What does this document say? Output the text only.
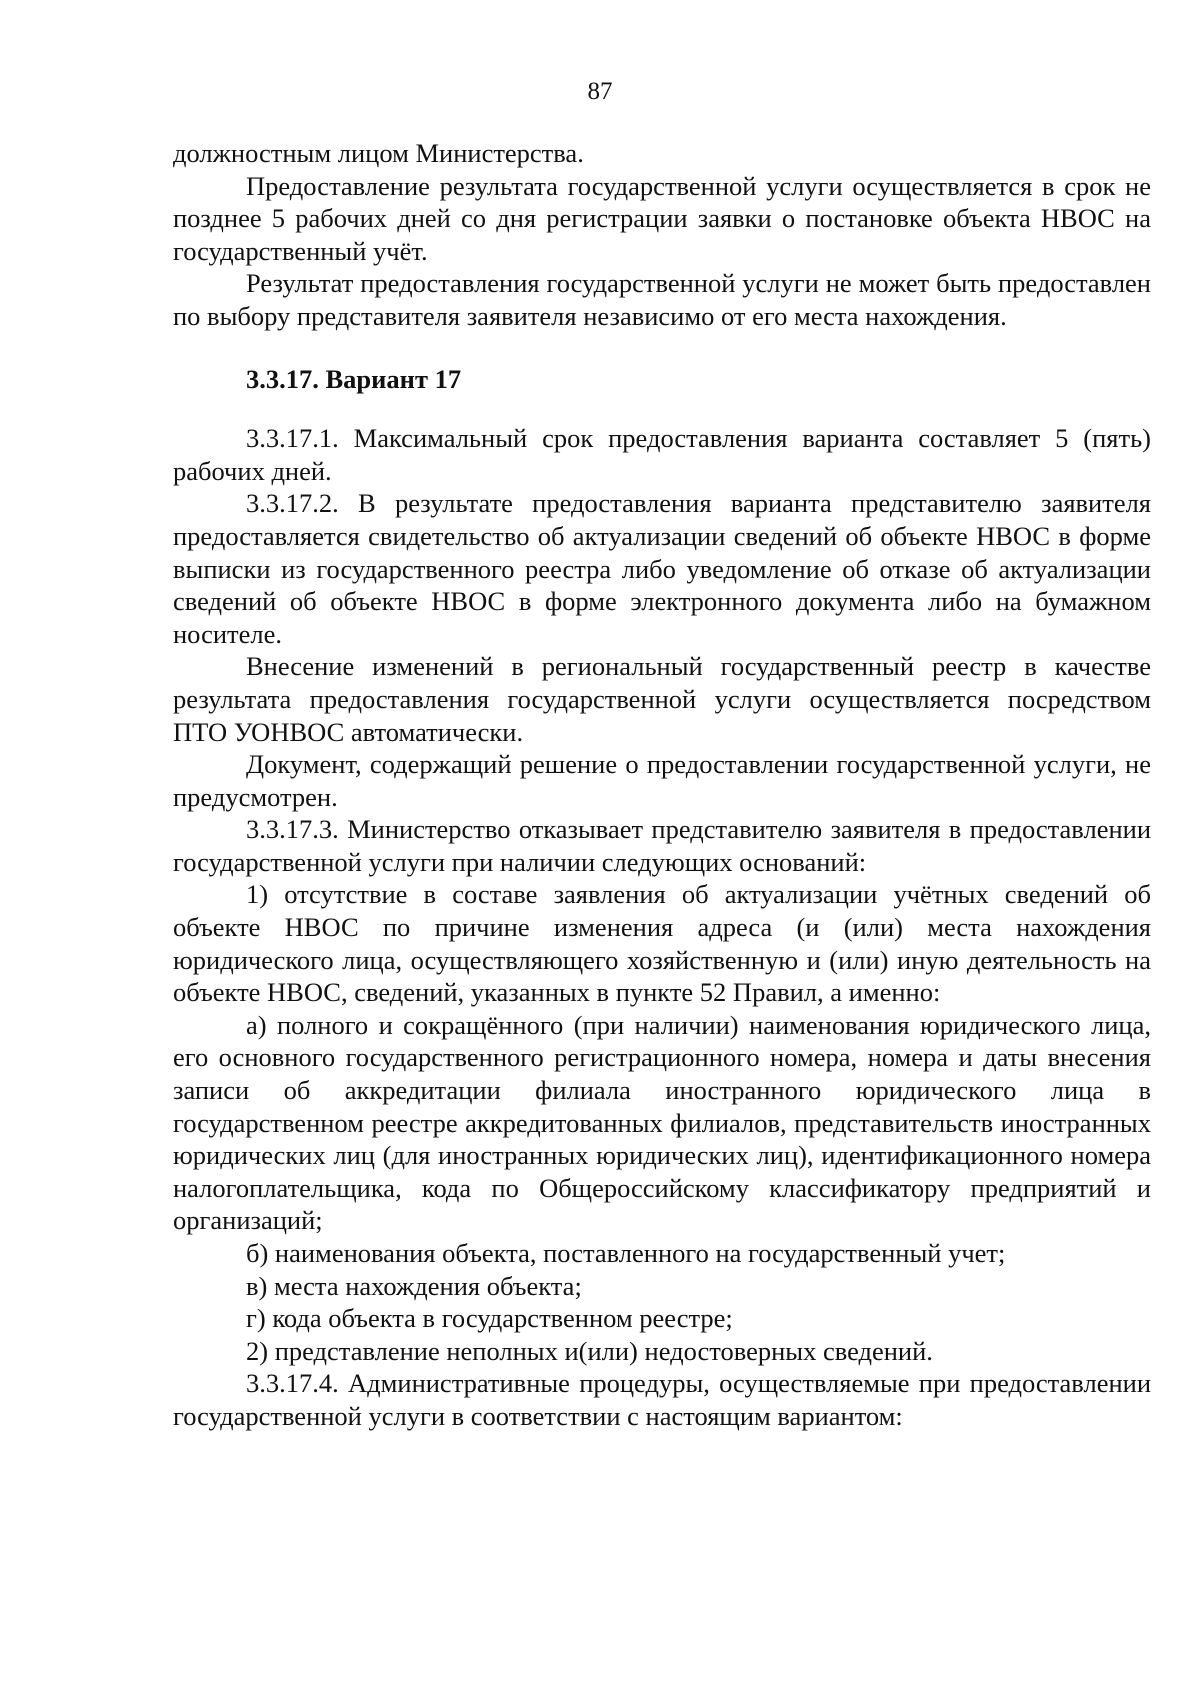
87

должностным лицом Министерства.

Предоставление результата государственной услуги осуществляется в срок не позднее 5 рабочих дней со дня регистрации заявки о постановке объекта НВОС на государственный учёт.

Результат предоставления государственной услуги не может быть предоставлен по выбору представителя заявителя независимо от его места нахождения.

3.3.17. Вариант 17

3.3.17.1. Максимальный срок предоставления варианта составляет 5 (пять) рабочих дней.

3.3.17.2. В результате предоставления варианта представителю заявителя предоставляется свидетельство об актуализации сведений об объекте НВОС в форме выписки из государственного реестра либо уведомление об отказе об актуализации сведений об объекте НВОС в форме электронного документа либо на бумажном носителе.

Внесение изменений в региональный государственный реестр в качестве результата предоставления государственной услуги осуществляется посредством ПТО УОНВОС автоматически.

Документ, содержащий решение о предоставлении государственной услуги, не предусмотрен.

3.3.17.3. Министерство отказывает представителю заявителя в предоставлении государственной услуги при наличии следующих оснований:

1) отсутствие в составе заявления об актуализации учётных сведений об объекте НВОС по причине изменения адреса (и (или) места нахождения юридического лица, осуществляющего хозяйственную и (или) иную деятельность на объекте НВОС, сведений, указанных в пункте 52 Правил, а именно:

а) полного и сокращённого (при наличии) наименования юридического лица, его основного государственного регистрационного номера, номера и даты внесения записи об аккредитации филиала иностранного юридического лица в государственном реестре аккредитованных филиалов, представительств иностранных юридических лиц (для иностранных юридических лиц), идентификационного номера налогоплательщика, кода по Общероссийскому классификатору предприятий и организаций;

б) наименования объекта, поставленного на государственный учет;

в) места нахождения объекта;

г) кода объекта в государственном реестре;

2) представление неполных и(или) недостоверных сведений.

3.3.17.4. Административные процедуры, осуществляемые при предоставлении государственной услуги в соответствии с настоящим вариантом:
